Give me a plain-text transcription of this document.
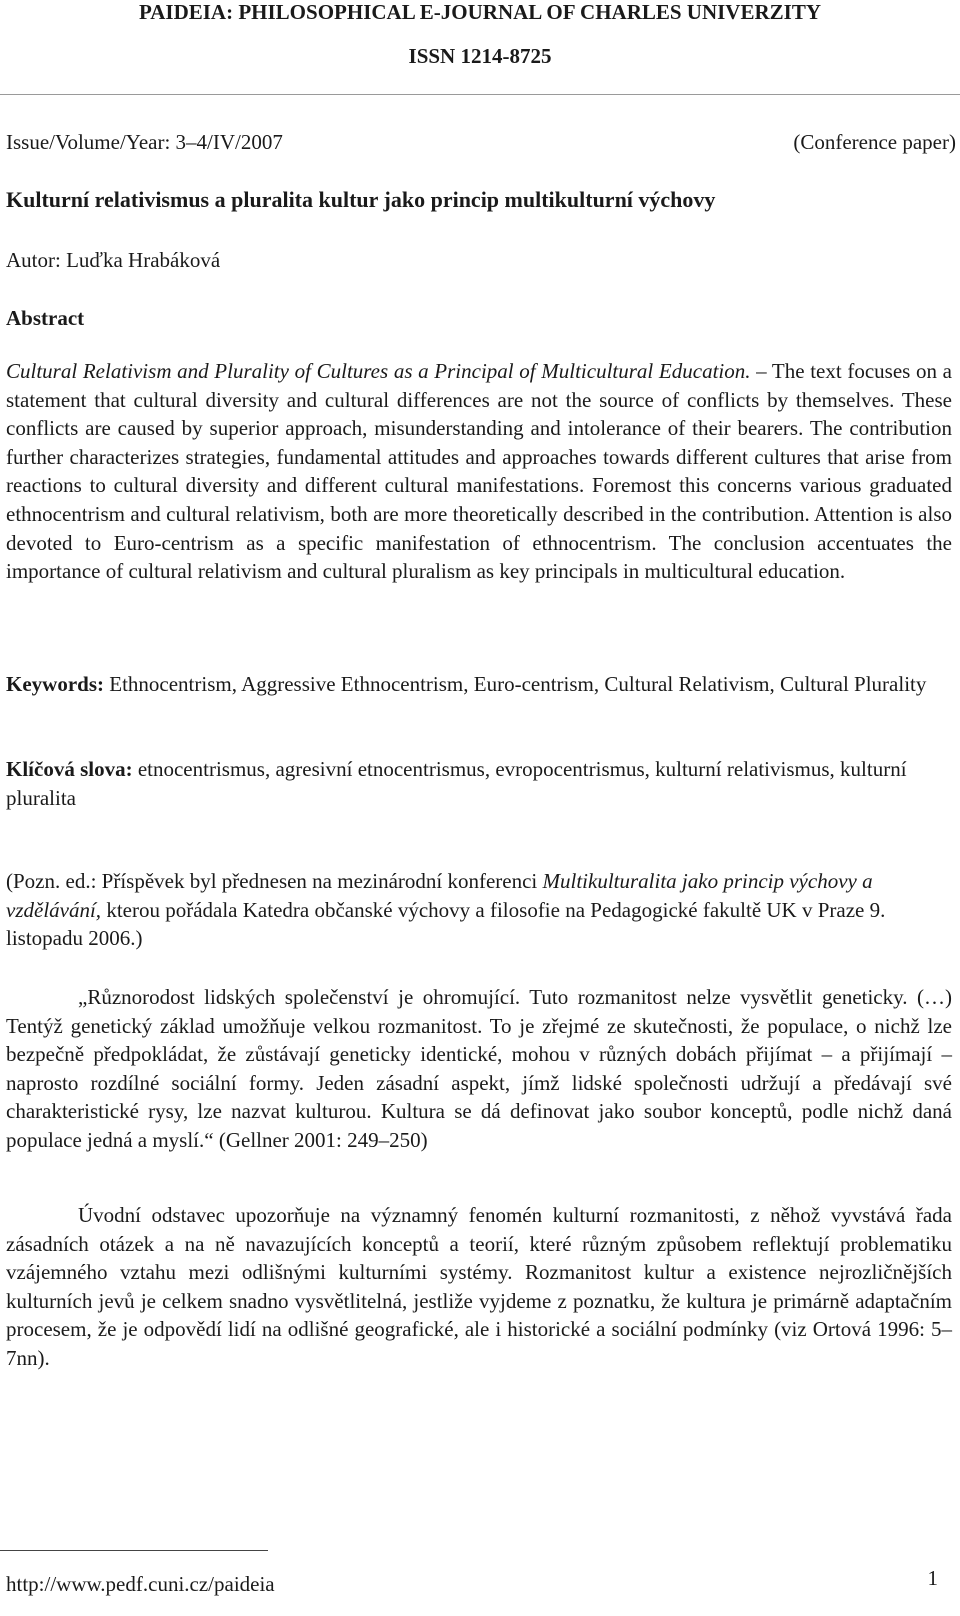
PAIDEIA: PHILOSOPHICAL E-JOURNAL OF CHARLES UNIVERZITY
ISSN 1214-8725
Issue/Volume/Year: 3–4/IV/2007	(Conference paper)
Kulturní relativismus a pluralita kultur jako princip multikulturní výchovy
Autor: Luďka Hrabáková
Abstract

Cultural Relativism and Plurality of Cultures as a Principal of Multicultural Education. – The text focuses on a statement that cultural diversity and cultural differences are not the source of conflicts by themselves. These conflicts are caused by superior approach, misunderstanding and intolerance of their bearers. The contribution further characterizes strategies, fundamental attitudes and approaches towards different cultures that arise from reactions to cultural diversity and different cultural manifestations. Foremost this concerns various graduated ethnocentrism and cultural relativism, both are more theoretically described in the contribution. Attention is also devoted to Euro-centrism as a specific manifestation of ethnocentrism. The conclusion accentuates the importance of cultural relativism and cultural pluralism as key principals in multicultural education.

Keywords: Ethnocentrism, Aggressive Ethnocentrism, Euro-centrism, Cultural Relativism, Cultural Plurality

Klíčová slova: etnocentrismus, agresivní etnocentrismus, evropocentrismus, kulturní relativismus, kulturní pluralita

(Pozn. ed.: Příspěvek byl přednesen na mezinárodní konferenci Multikulturalita jako princip výchovy a vzdělávání, kterou pořádala Katedra občanské výchovy a filosofie na Pedagogické fakultě UK v Praze 9. listopadu 2006.)

„Různorodost lidských společenství je ohromující. Tuto rozmanitost nelze vysvětlit geneticky. (…) Tentýž genetický základ umožňuje velkou rozmanitost. To je zřejmé ze skutečnosti, že populace, o nichž lze bezpečně předpokládat, že zůstávají geneticky identické, mohou v různých dobách přijímat – a přijímají – naprosto rozdílné sociální formy. Jeden zásadní aspekt, jímž lidské společnosti udržují a předávají své charakteristické rysy, lze nazvat kulturou. Kultura se dá definovat jako soubor konceptů, podle nichž daná populace jedná a myslí.“ (Gellner 2001: 249–250)

Úvodní odstavec upozorňuje na významný fenomén kulturní rozmanitosti, z něhož vyvstává řada zásadních otázek a na ně navazujících konceptů a teorií, které různým způsobem reflektují problematiku vzájemného vztahu mezi odlišnými kulturními systémy. Rozmanitost kultur a existence nejrozličnějších kulturních jevů je celkem snadno vysvětlitelná, jestliže vyjdeme z poznatku, že kultura je primárně adaptačním procesem, že je odpovědí lidí na odlišné geografické, ale i historické a sociální podmínky (viz Ortová 1996: 5–7nn).

http://www.pedf.cuni.cz/paideia	1
